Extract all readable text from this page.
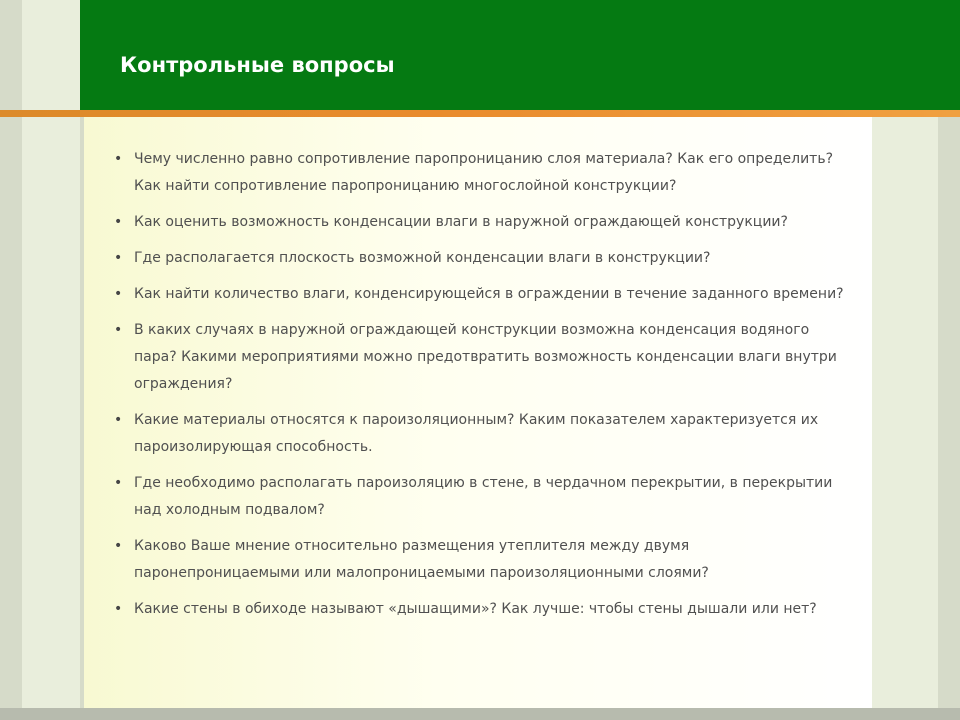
Контрольные вопросы
• Чему численно равно сопротивление паропроницанию слоя материала? Как его определить? Как найти сопротивление паропроницанию многослойной конструкции?
• Как оценить возможность конденсации влаги в наружной ограждающей конструкции?
• Где располагается плоскость возможной конденсации влаги в конструкции?
• Как найти количество влаги, конденсирующейся в ограждении в течение заданного времени?
• В каких случаях в наружной ограждающей конструкции возможна конденсация водяного пара? Какими мероприятиями можно предотвратить возможность конденсации влаги внутри ограждения?
• Какие материалы относятся к пароизоляционным? Каким показателем характеризуется их пароизолирующая способность.
• Где необходимо располагать пароизоляцию в стене, в чердачном перекрытии, в перекрытии над холодным подвалом?
• Каково Ваше мнение относительно размещения утеплителя между двумя паронепроницаемыми или малопроницаемыми пароизоляционными слоями?
• Какие стены в обиходе называют «дышащими»? Как лучше: чтобы стены дышали или нет?
